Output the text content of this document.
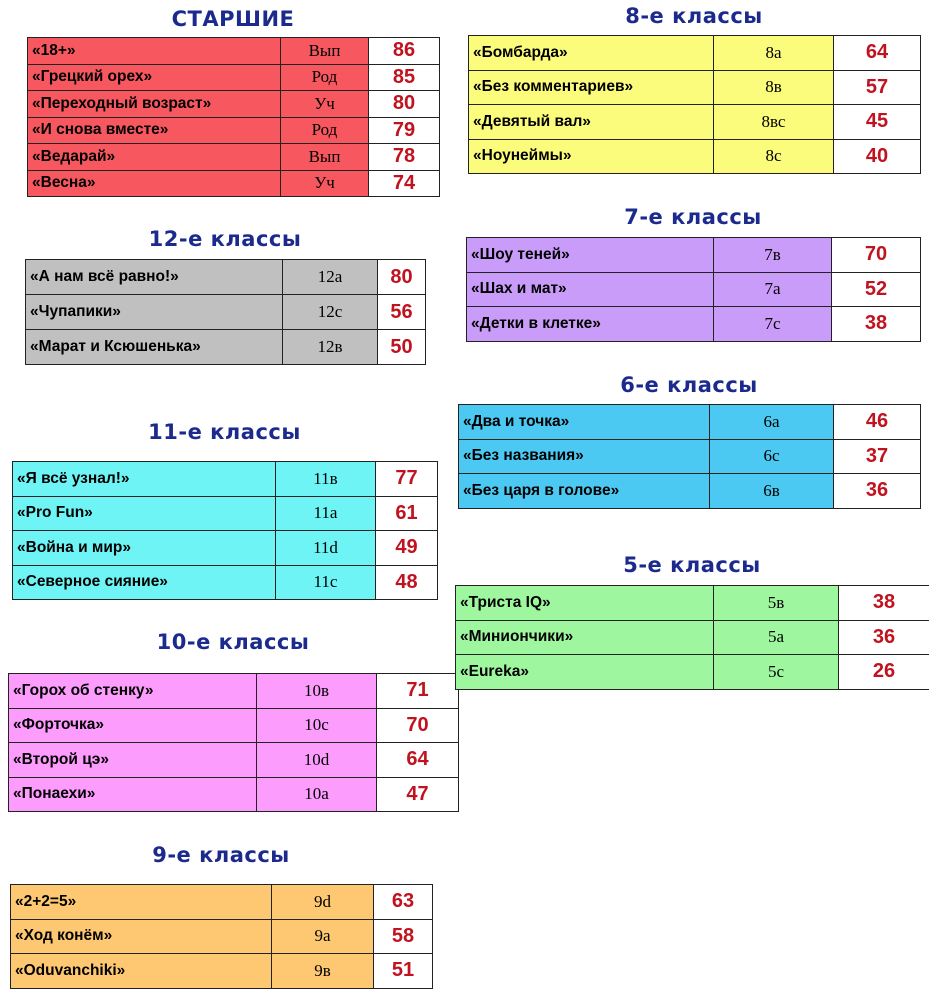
СТАРШИЕ
«18+»	Вып	86
«Грецкий орех»	Род	85
«Переходный возраст»	Уч	80
«И снова вместе»	Род	79
«Ведарай»	Вып	78
«Весна»	Уч	74
12-е классы
«А нам всё равно!»	12а	80
«Чупапики»	12с	56
«Марат и Ксюшенька»	12в	50
11-е классы
«Я всё узнал!»	11в	77
«Pro Fun»	11а	61
«Война и мир»	11d	49
«Северное сияние»	11с	48
10-е классы
«Горох об стенку»	10в	71
«Форточка»	10с	70
«Второй цэ»	10d	64
«Понаехи»	10а	47
9-е классы
«2+2=5»	9d	63
«Ход конём»	9а	58
«Oduvanchiki»	9в	51
8-е классы
«Бомбарда»	8а	64
«Без комментариев»	8в	57
«Девятый вал»	8вс	45
«Ноунеймы»	8с	40
7-е классы
«Шоу теней»	7в	70
«Шах и мат»	7а	52
«Детки в клетке»	7с	38
6-е классы
«Два и точка»	6а	46
«Без названия»	6с	37
«Без царя в голове»	6в	36
5-е классы
«Триста IQ»	5в	38
«Миниончики»	5а	36
«Eureka»	5с	26
